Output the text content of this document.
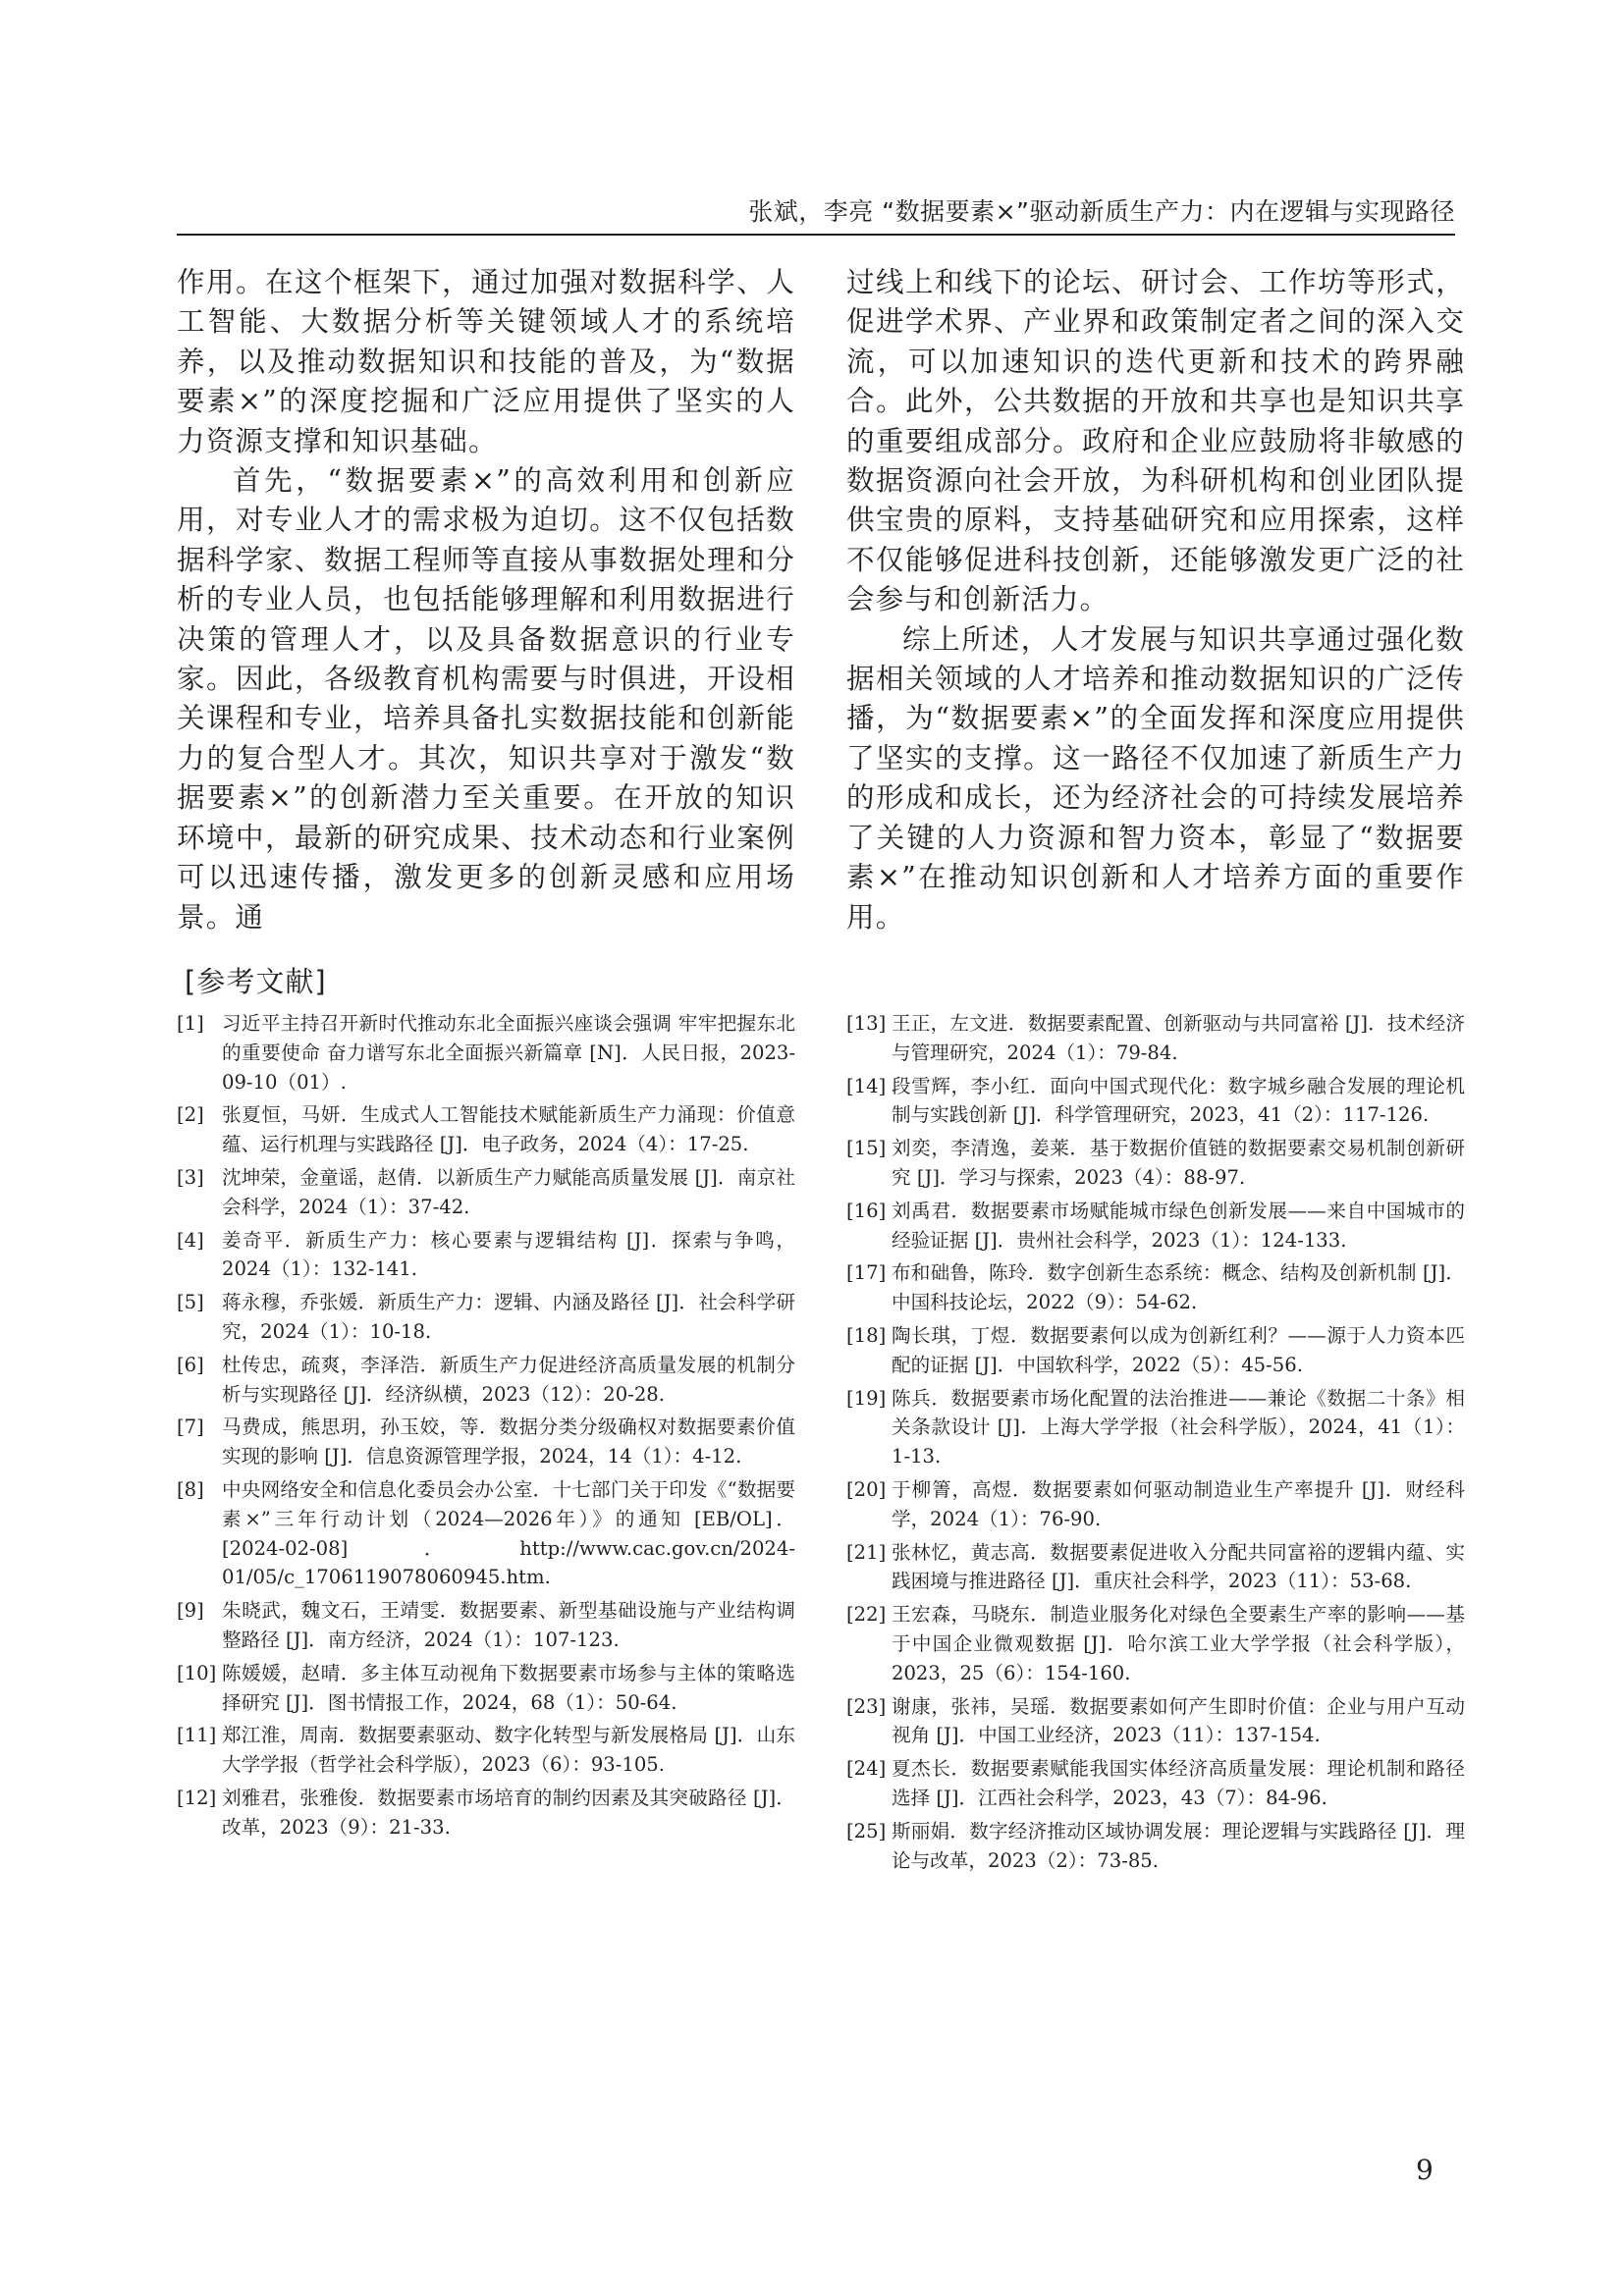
张斌，李亮 “数据要素×”驱动新质生产力：内在逻辑与实现路径

作用。在这个框架下，通过加强对数据科学、人工智能、大数据分析等关键领域人才的系统培养，以及推动数据知识和技能的普及，为“数据要素×”的深度挖掘和广泛应用提供了坚实的人力资源支撑和知识基础。

首先，“数据要素×”的高效利用和创新应用，对专业人才的需求极为迫切。这不仅包括数据科学家、数据工程师等直接从事数据处理和分析的专业人员，也包括能够理解和利用数据进行决策的管理人才，以及具备数据意识的行业专家。因此，各级教育机构需要与时俱进，开设相关课程和专业，培养具备扎实数据技能和创新能力的复合型人才。其次，知识共享对于激发“数据要素×”的创新潜力至关重要。在开放的知识环境中，最新的研究成果、技术动态和行业案例可以迅速传播，激发更多的创新灵感和应用场景。通

过线上和线下的论坛、研讨会、工作坊等形式，促进学术界、产业界和政策制定者之间的深入交流，可以加速知识的迭代更新和技术的跨界融合。此外，公共数据的开放和共享也是知识共享的重要组成部分。政府和企业应鼓励将非敏感的数据资源向社会开放，为科研机构和创业团队提供宝贵的原料，支持基础研究和应用探索，这样不仅能够促进科技创新，还能够激发更广泛的社会参与和创新活力。

综上所述，人才发展与知识共享通过强化数据相关领域的人才培养和推动数据知识的广泛传播，为“数据要素×”的全面发挥和深度应用提供了坚实的支撑。这一路径不仅加速了新质生产力的形成和成长，还为经济社会的可持续发展培养了关键的人力资源和智力资本，彰显了“数据要素×”在推动知识创新和人才培养方面的重要作用。

[参考文献]
[1] 习近平主持召开新时代推动东北全面振兴座谈会强调 牢牢把握东北的重要使命 奋力谱写东北全面振兴新篇章 [N]．人民日报，2023-09-10（01）.
[2] 张夏恒，马妍．生成式人工智能技术赋能新质生产力涌现：价值意蕴、运行机理与实践路径 [J]．电子政务，2024（4）：17-25.
[3] 沈坤荣，金童谣，赵倩．以新质生产力赋能高质量发展 [J]．南京社会科学，2024（1）：37-42.
[4] 姜奇平．新质生产力：核心要素与逻辑结构 [J]．探索与争鸣，2024（1）：132-141.
[5] 蒋永穆，乔张媛．新质生产力：逻辑、内涵及路径 [J]．社会科学研究，2024（1）：10-18.
[6] 杜传忠，疏爽，李泽浩．新质生产力促进经济高质量发展的机制分析与实现路径 [J]．经济纵横，2023（12）：20-28.
[7] 马费成，熊思玥，孙玉姣，等．数据分类分级确权对数据要素价值实现的影响 [J]．信息资源管理学报，2024，14（1）：4-12.
[8] 中央网络安全和信息化委员会办公室．十七部门关于印发《“数据要素×”三年行动计划（2024—2026年）》的通知 [EB/OL]． [2024-02-08]．http://www.cac.gov.cn/2024-01/05/c_1706119078060945.htm.
[9] 朱晓武，魏文石，王靖雯．数据要素、新型基础设施与产业结构调整路径 [J]．南方经济，2024（1）：107-123.
[10] 陈媛媛，赵晴．多主体互动视角下数据要素市场参与主体的策略选择研究 [J]．图书情报工作，2024，68（1）：50-64.
[11] 郑江淮，周南．数据要素驱动、数字化转型与新发展格局 [J]．山东大学学报（哲学社会科学版），2023（6）：93-105.
[12] 刘雅君，张雅俊．数据要素市场培育的制约因素及其突破路径 [J]．改革，2023（9）：21-33.
[13] 王正，左文进．数据要素配置、创新驱动与共同富裕 [J]．技术经济与管理研究，2024（1）：79-84.
[14] 段雪辉，李小红．面向中国式现代化：数字城乡融合发展的理论机制与实践创新 [J]．科学管理研究，2023，41（2）：117-126.
[15] 刘奕，李清逸，姜莱．基于数据价值链的数据要素交易机制创新研究 [J]．学习与探索，2023（4）：88-97.
[16] 刘禹君．数据要素市场赋能城市绿色创新发展——来自中国城市的经验证据 [J]．贵州社会科学，2023（1）：124-133.
[17] 布和础鲁，陈玲．数字创新生态系统：概念、结构及创新机制 [J]．中国科技论坛，2022（9）：54-62.
[18] 陶长琪，丁煜．数据要素何以成为创新红利？——源于人力资本匹配的证据 [J]．中国软科学，2022（5）：45-56.
[19] 陈兵．数据要素市场化配置的法治推进——兼论《数据二十条》相关条款设计 [J]．上海大学学报（社会科学版），2024，41（1）：1-13.
[20] 于柳箐，高煜．数据要素如何驱动制造业生产率提升 [J]．财经科学，2024（1）：76-90.
[21] 张林忆，黄志高．数据要素促进收入分配共同富裕的逻辑内蕴、实践困境与推进路径 [J]．重庆社会科学，2023（11）：53-68.
[22] 王宏森，马晓东．制造业服务化对绿色全要素生产率的影响——基于中国企业微观数据 [J]．哈尔滨工业大学学报（社会科学版），2023，25（6）：154-160.
[23] 谢康，张祎，吴瑶．数据要素如何产生即时价值：企业与用户互动视角 [J]．中国工业经济，2023（11）：137-154.
[24] 夏杰长．数据要素赋能我国实体经济高质量发展：理论机制和路径选择 [J]．江西社会科学，2023，43（7）：84-96.
[25] 斯丽娟．数字经济推动区域协调发展：理论逻辑与实践路径 [J]．理论与改革，2023（2）：73-85.
9
